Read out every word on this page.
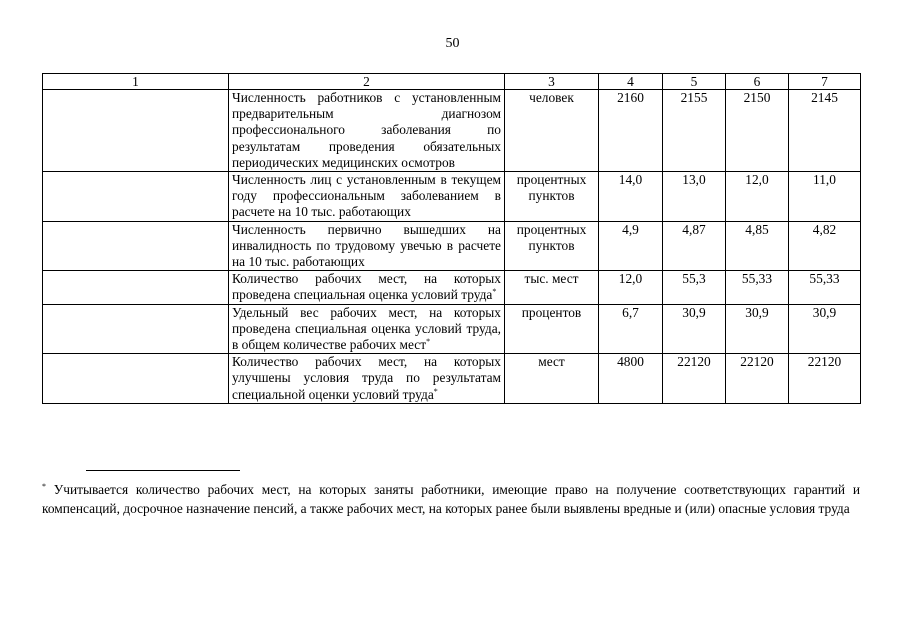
50
1	2	3	4	5	6	7
	Численность работников с установленным предварительным диагнозом профессионального заболевания по результатам проведения обязательных периодических медицинских осмотров	человек	2160	2155	2150	2145
	Численность лиц с установленным в текущем году профессиональным заболеванием в расчете на 10 тыс. работающих	процентных пунктов	14,0	13,0	12,0	11,0
	Численность первично вышедших на инвалидность по трудовому увечью в расчете на 10 тыс. работающих	процентных пунктов	4,9	4,87	4,85	4,82
	Количество рабочих мест, на которых проведена специальная оценка условий труда*	тыс. мест	12,0	55,3	55,33	55,33
	Удельный вес рабочих мест, на которых проведена специальная оценка условий труда, в общем количестве рабочих мест*	процентов	6,7	30,9	30,9	30,9
	Количество рабочих мест, на которых улучшены условия труда по результатам специальной оценки условий труда*	мест	4800	22120	22120	22120
* Учитывается количество рабочих мест, на которых заняты работники, имеющие право на получение соответствующих гарантий и компенсаций, досрочное назначение пенсий, а также рабочих мест, на которых ранее были выявлены вредные и (или) опасные условия труда
